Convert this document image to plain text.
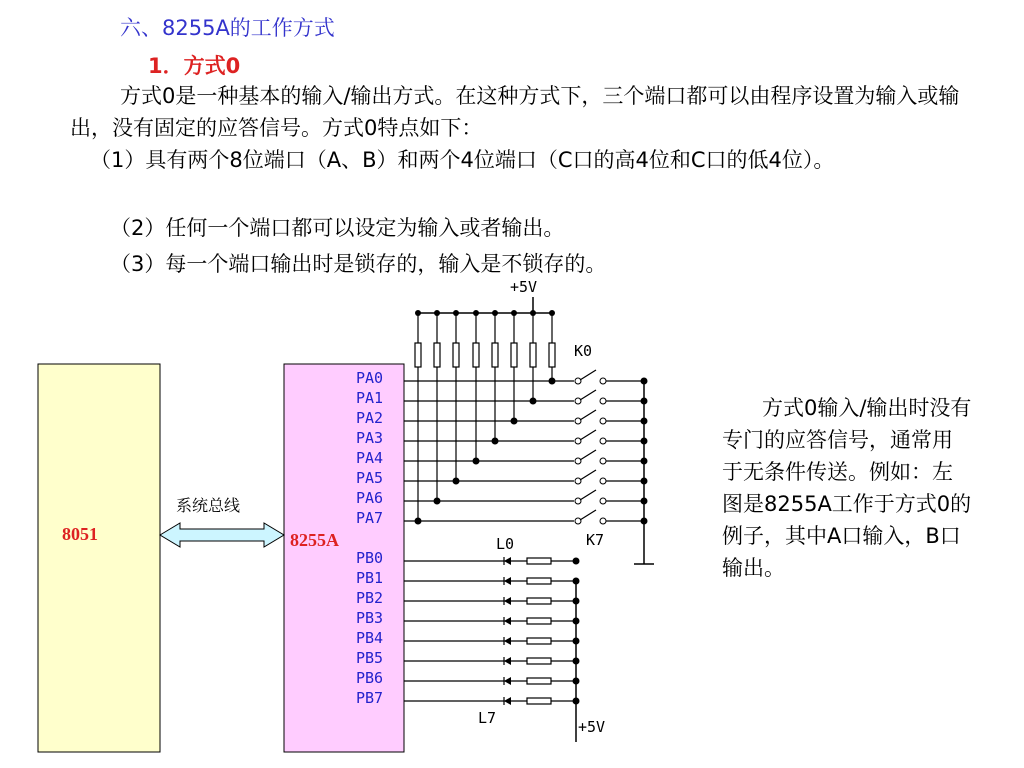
六、8255A的工作方式
1．方式0
方式0是一种基本的输入/输出方式。在这种方式下，三个端口都可以由程序设置为输入或输出，没有固定的应答信号。方式0特点如下：
（1）具有两个8位端口（A、B）和两个4位端口（C口的高4位和C口的低4位）。
（2）任何一个端口都可以设定为输入或者输出。
（3）每一个端口输出时是锁存的，输入是不锁存的。
方式0输入/输出时没有专门的应答信号，通常用于无条件传送。例如：左图是8255A工作于方式0的例子，其中A口输入，B口输出。
8051	8255A
系统总线
PA0
PA1
PA2
PA3
PA4
PA5
PA6
PA7
PB0
PB1
PB2
PB3
PB4
PB5
PB6
PB7
+5V
K0
K7
L0
L7	+5V
